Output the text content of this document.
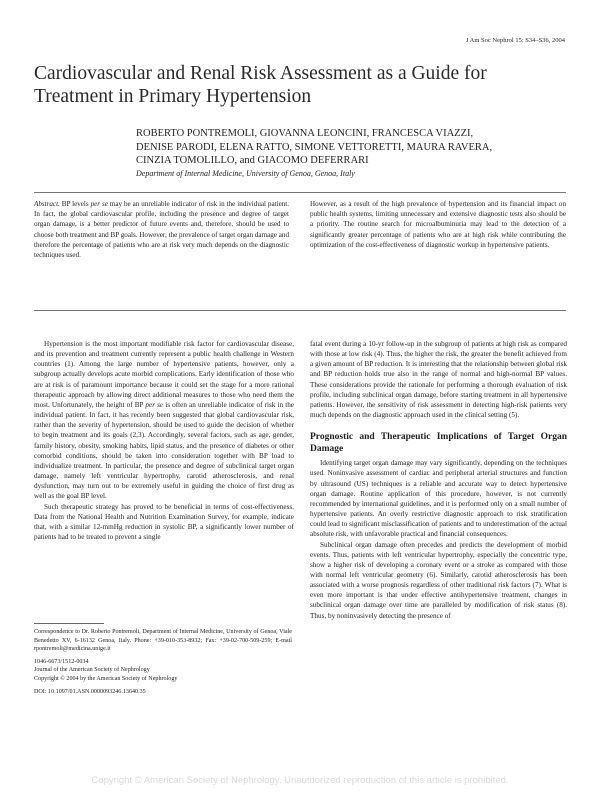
J Am Soc Nephrol 15: S34–S36, 2004
Cardiovascular and Renal Risk Assessment as a Guide for Treatment in Primary Hypertension
ROBERTO PONTREMOLI, GIOVANNA LEONCINI, FRANCESCA VIAZZI,
DENISE PARODI, ELENA RATTO, SIMONE VETTORETTI, MAURA RAVERA,
CINZIA TOMOLILLO, and GIACOMO DEFERRARI
Department of Internal Medicine, University of Genoa, Genoa, Italy

Abstract. BP levels per se may be an unreliable indicator of risk in the individual patient. In fact, the global cardiovascular profile, including the presence and degree of target organ damage, is a better predictor of future events and, therefore, should be used to choose both treatment and BP goals. However, the prevalence of target organ damage and therefore the percentage of patients who are at risk very much depends on the diagnostic techniques used.

However, as a result of the high prevalence of hypertension and its financial impact on public health systems, limiting unnecessary and extensive diagnostic tests also should be a priority. The routine search for microalbuminuria may lead to the detection of a significantly greater percentage of patients who are at high risk while contributing the optimization of the cost-effectiveness of diagnostic workup in hypertensive patients.

Hypertension is the most important modifiable risk factor for cardiovascular disease, and its prevention and treatment currently represent a public health challenge in Western countries (1). Among the large number of hypertensive patients, however, only a subgroup actually develops acute morbid complications. Early identification of those who are at risk is of paramount importance because it could set the stage for a more rational therapeutic approach by allowing direct additional measures to those who need them the most. Unfortunately, the height of BP per se is often an unreliable indicator of risk in the individual patient. In fact, it has recently been suggested that global cardiovascular risk, rather than the severity of hypertension, should be used to guide the decision of whether to begin treatment and its goals (2,3). Accordingly, several factors, such as age, gender, family history, obesity, smoking habits, lipid status, and the presence of diabetes or other comorbid conditions, should be taken into consideration together with BP load to individualize treatment. In particular, the presence and degree of subclinical target organ damage, namely left ventricular hypertrophy, carotid atherosclerosis, and renal dysfunction, may turn out to be extremely useful in guiding the choice of first drug as well as the goal BP level.

Such therapeutic strategy has proved to be beneficial in terms of cost-effectiveness. Data from the National Health and Nutrition Examination Survey, for example, indicate that, with a similar 12-mmHg reduction in systolic BP, a significantly lower number of patients had to be treated to prevent a single

fatal event during a 10-yr follow-up in the subgroup of patients at high risk as compared with those at low risk (4). Thus, the higher the risk, the greater the benefit achieved from a given amount of BP reduction. It is interesting that the relationship between global risk and BP reduction holds true also in the range of normal and high-normal BP values. These considerations provide the rationale for performing a thorough evaluation of risk profile, including subclinical organ damage, before starting treatment in all hypertensive patients. However, the sensitivity of risk assessment in detecting high-risk patients very much depends on the diagnostic approach used in the clinical setting (5).

Prognostic and Therapeutic Implications of Target Organ Damage

Identifying target organ damage may vary significantly, depending on the techniques used. Noninvasive assessment of cardiac and peripheral arterial structures and function by ultrasound (US) techniques is a reliable and accurate way to detect hypertensive organ damage. Routine application of this procedure, however, is not currently recommended by international guidelines, and it is performed only on a small number of hypertensive patients. An overly restrictive diagnostic approach to risk stratification could lead to significant misclassification of patients and to underestimation of the actual absolute risk, with unfavorable practical and financial consequences.

Subclinical organ damage often precedes and predicts the development of morbid events. Thus, patients with left ventricular hypertrophy, especially the concentric type, show a higher risk of developing a coronary event or a stroke as compared with those with normal left ventricular geometry (6). Similarly, carotid atherosclerosis has been associated with a worse prognosis regardless of other traditional risk factors (7). What is even more important is that under effective antihypertensive treatment, changes in subclinical organ damage over time are paralleled by modification of risk status (8). Thus, by noninvasively detecting the presence of

Correspondence to Dr. Roberto Pontremoli, Department of Internal Medicine, University of Genoa, Viale Benedetto XV, 6-16132 Genoa, Italy. Phone: +39-010-353-8932; Fax: +39-02-700-509-259; E-mail rpontremoli@medicina.unige.it

1046-6673/1512-0034

Journal of the American Society of Nephrology

Copyright © 2004 by the American Society of Nephrology

DOI: 10.1097/01.ASN.0000093246.13640.35

Copyright © American Society of Nephrology. Unauthorized reproduction of this article is prohibited.
